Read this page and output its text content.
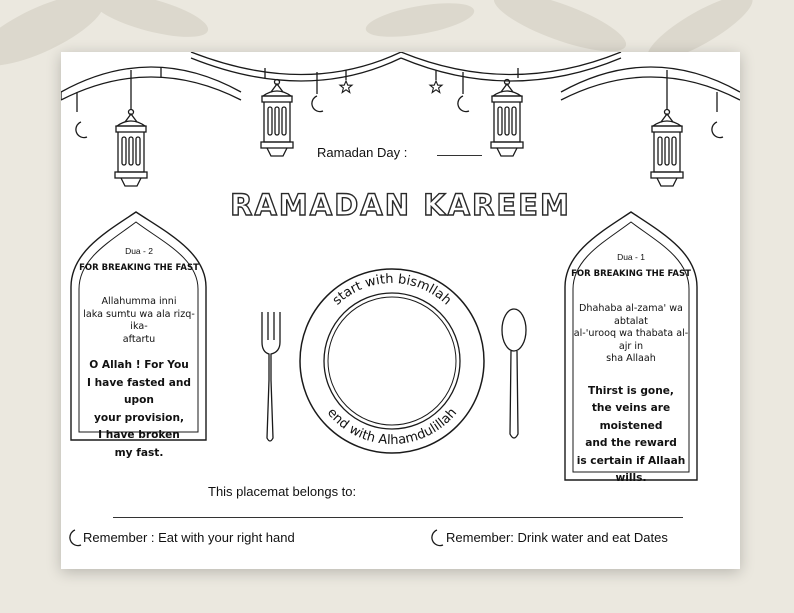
start with bismllah
end with Alhamdulillah
Ramadan Day :
RAMADAN KAREEM
Dua - 2
FOR BREAKING THE FAST
Allahumma inni
laka sumtu wa ala rizq-ika-
aftartu
O Allah ! For You
I have fasted and upon
your provision,
I have broken
my fast.
Dua - 1
FOR BREAKING THE FAST
Dhahaba al-zama' wa abtalat
al-'urooq wa thabata al-ajr in
sha Allaah
Thirst is gone,
the veins are moistened
and the reward
is certain if Allaah wills.
This placemat belongs to:
Remember : Eat with your right hand	Remember: Drink water and eat Dates
